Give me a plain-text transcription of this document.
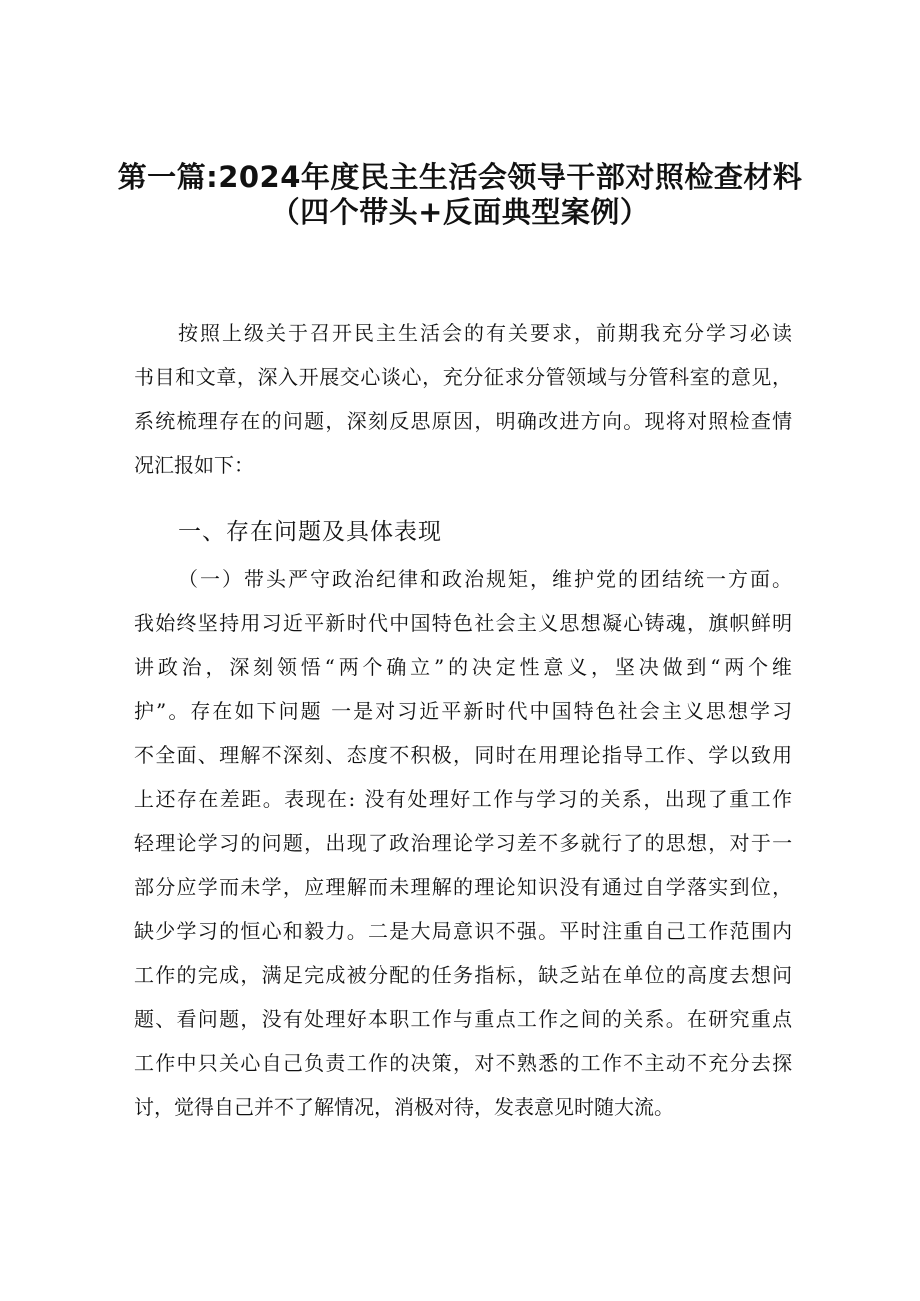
第一篇:2024年度民主生活会领导干部对照检查材料
（四个带头+反面典型案例）
按照上级关于召开民主生活会的有关要求，前期我充分学习必读
书目和文章，深入开展交心谈心，充分征求分管领域与分管科室的意见，
系统梳理存在的问题，深刻反思原因，明确改进方向。现将对照检查情
况汇报如下：
一、存在问题及具体表现
（一）带头严守政治纪律和政治规矩，维护党的团结统一方面。
我始终坚持用习近平新时代中国特色社会主义思想凝心铸魂，旗帜鲜明
讲政治，深刻领悟“两个确立”的决定性意义，坚决做到“两个维
护”。存在如下问题 一是对习近平新时代中国特色社会主义思想学习
不全面、理解不深刻、态度不积极，同时在用理论指导工作、学以致用
上还存在差距。表现在: 没有处理好工作与学习的关系，出现了重工作
轻理论学习的问题，出现了政治理论学习差不多就行了的思想，对于一
部分应学而未学，应理解而未理解的理论知识没有通过自学落实到位，
缺少学习的恒心和毅力。二是大局意识不强。平时注重自己工作范围内
工作的完成，满足完成被分配的任务指标，缺乏站在单位的高度去想问
题、看问题，没有处理好本职工作与重点工作之间的关系。在研究重点
工作中只关心自己负责工作的决策，对不熟悉的工作不主动不充分去探
讨，觉得自己并不了解情况，消极对待，发表意见时随大流。
